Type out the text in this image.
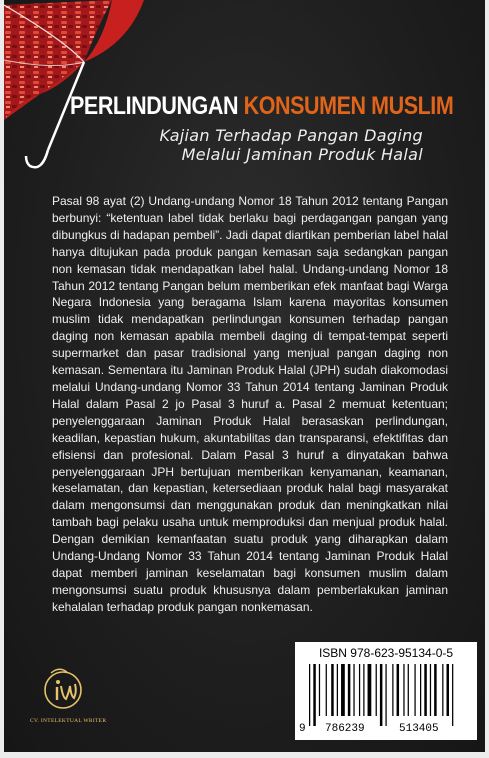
PERLINDUNGAN KONSUMEN MUSLIM
Kajian Terhadap Pangan Daging
Melalui Jaminan Produk Halal
Pasal 98 ayat (2) Undang-undang Nomor 18 Tahun 2012 tentang Pangan berbunyi: “ketentuan label tidak berlaku bagi perdagangan pangan yang dibungkus di hadapan pembeli”. Jadi dapat diartikan pemberian label halal hanya ditujukan pada produk pangan kemasan saja sedangkan pangan non kemasan tidak mendapatkan label halal. Undang-undang Nomor 18 Tahun 2012 tentang Pangan belum memberikan efek manfaat bagi Warga Negara Indonesia yang beragama Islam karena mayoritas konsumen muslim tidak mendapatkan perlindungan konsumen terhadap pangan daging non kemasan apabila membeli daging di tempat-tempat seperti supermarket dan pasar tradisional yang menjual pangan daging non kemasan. Sementara itu Jaminan Produk Halal (JPH) sudah diakomodasi melalui Undang-undang Nomor 33 Tahun 2014 tentang Jaminan Produk Halal dalam Pasal 2 jo Pasal 3 huruf a. Pasal 2 memuat ketentuan; penyelenggaraan Jaminan Produk Halal berasaskan perlindungan, keadilan, kepastian hukum, akuntabilitas dan transparansi, efektifitas dan efisiensi dan profesional. Dalam Pasal 3 huruf a dinyatakan bahwa penyelenggaraan JPH bertujuan memberikan kenyamanan, keamanan, keselamatan, dan kepastian, ketersediaan produk halal bagi masyarakat dalam mengonsumsi dan menggunakan produk dan meningkatkan nilai tambah bagi pelaku usaha untuk memproduksi dan menjual produk halal. Dengan demikian kemanfaatan suatu produk yang diharapkan dalam Undang-Undang Nomor 33 Tahun 2014 tentang Jaminan Produk Halal dapat memberi jaminan keselamatan bagi konsumen muslim dalam mengonsumsi suatu produk khususnya dalam pemberlakukan jaminan kehalalan terhadap produk pangan nonkemasan.
CV. INTELEKTUAL WRITER
ISBN 978-623-95134-0-5
9 786239	513405
